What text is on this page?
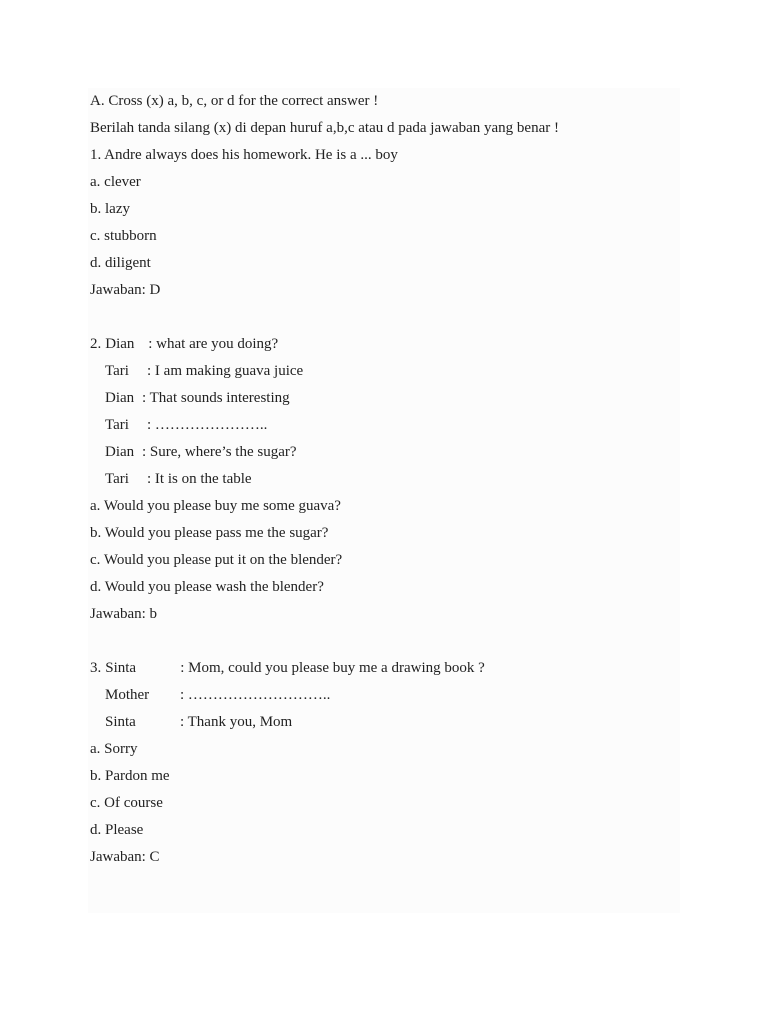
A. Cross (x) a, b, c, or d for the correct answer !
Berilah tanda silang (x) di depan huruf a,b,c atau d pada jawaban yang benar !
1. Andre always does his homework. He is a ... boy
a. clever
b. lazy
c. stubborn
d. diligent
Jawaban: D
2. Dian : what are you doing?
Tari	: I am making guava juice
Dian : That sounds interesting
Tari	: …………………..
Dian : Sure, where’s the sugar?
Tari	: It is on the table
a. Would you please buy me some guava?
b. Would you please pass me the sugar?
c. Would you please put it on the blender?
d. Would you please wash the blender?
Jawaban: b
3. Sinta	: Mom, could you please buy me a drawing book ?
Mother	: ………………………..
Sinta	: Thank you, Mom
a. Sorry
b. Pardon me
c. Of course
d. Please
Jawaban: C
